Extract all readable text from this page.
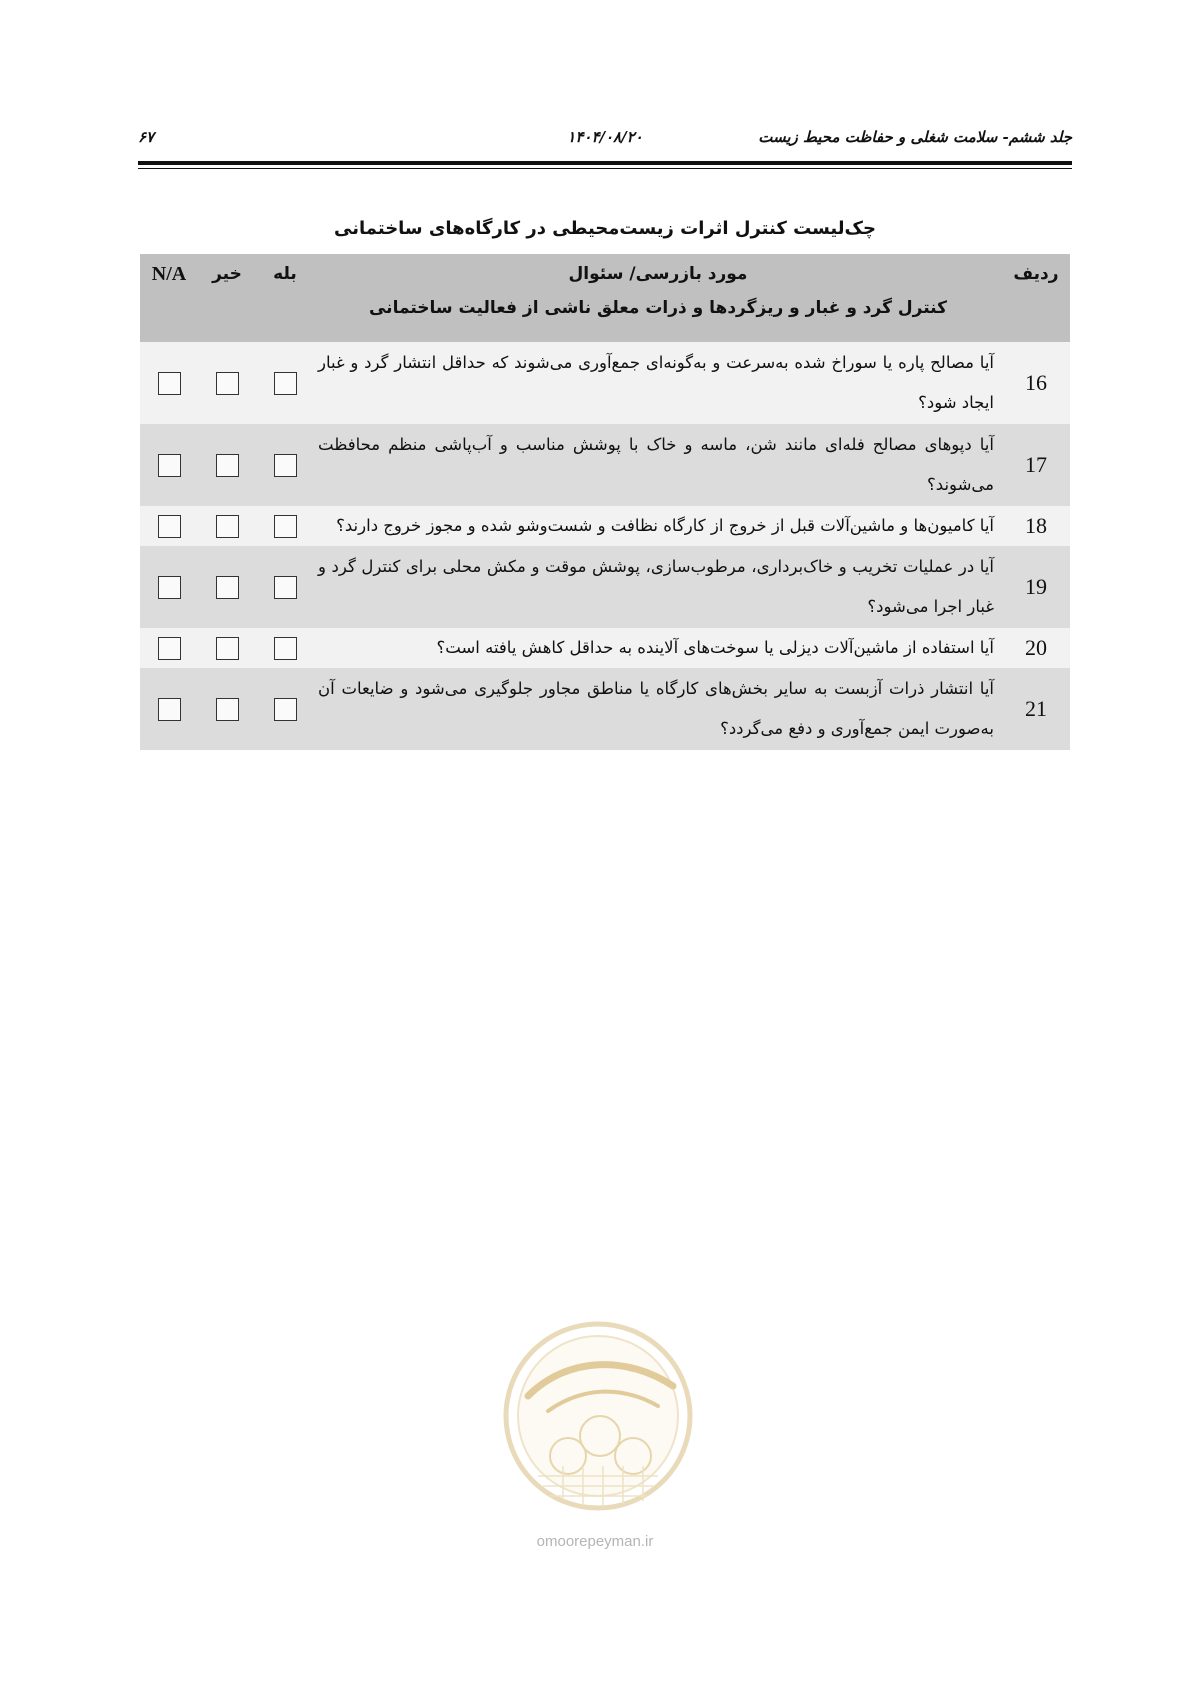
جلد ششم- سلامت شغلی و حفاظت محیط زیست
۱۴۰۴/۰۸/۲۰
۶۷
چک‌لیست کنترل اثرات زیست‌محیطی در کارگاه‌های ساختمانی
ردیف	مورد بازرسی/ سئوال	بله	خیر	N/A
	کنترل گرد و غبار و ریزگردها و ذرات معلق ناشی از فعالیت ساختمانی			
16	آیا مصالح پاره یا سوراخ شده به‌سرعت و به‌گونه‌ای جمع‌آوری می‌شوند که حداقل انتشار گرد و غبار ایجاد شود؟			
17	آیا دپوهای مصالح فله‌ای مانند شن، ماسه و خاک با پوشش مناسب و آب‌پاشی منظم محافظت می‌شوند؟			
18	آیا کامیون‌ها و ماشین‌آلات قبل از خروج از کارگاه نظافت و شست‌وشو شده و مجوز خروج دارند؟			
19	آیا در عملیات تخریب و خاک‌برداری، مرطوب‌سازی، پوشش موقت و مکش محلی برای کنترل گرد و غبار اجرا می‌شود؟			
20	آیا استفاده از ماشین‌آلات دیزلی یا سوخت‌های آلاینده به حداقل کاهش یافته است؟			
21	آیا انتشار ذرات آزبست به سایر بخش‌های کارگاه یا مناطق مجاور جلوگیری می‌شود و ضایعات آن به‌صورت ایمن جمع‌آوری و دفع می‌گردد؟			
omoorepeyman.ir
